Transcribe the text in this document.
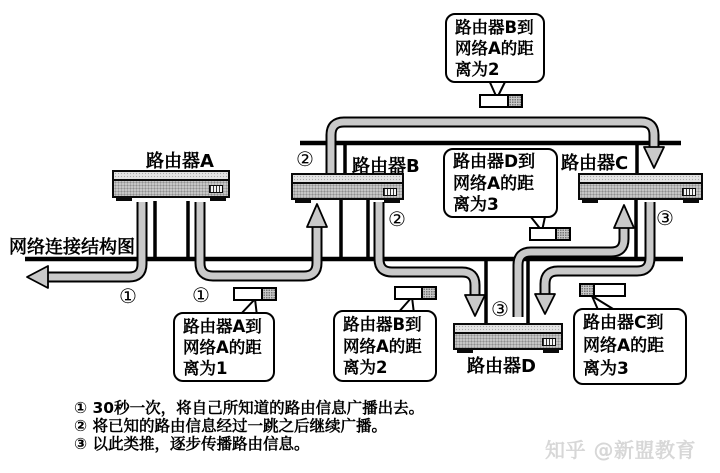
路由器A	路由器B	路由器C
路由器D
路由器B到
网络A的距
离为2
路由器D到
网络A的距
离为3
路由器A到
网络A的距
离为1
路由器B到
网络A的距
离为2
路由器C到
网络A的距
离为3
①	①
②
②	③
③
网络连接结构图
① 30秒一次，将自己所知道的路由信息广播出去。
② 将已知的路由信息经过一跳之后继续广播。
③ 以此类推，逐步传播路由信息。	知乎 @新盟教育
